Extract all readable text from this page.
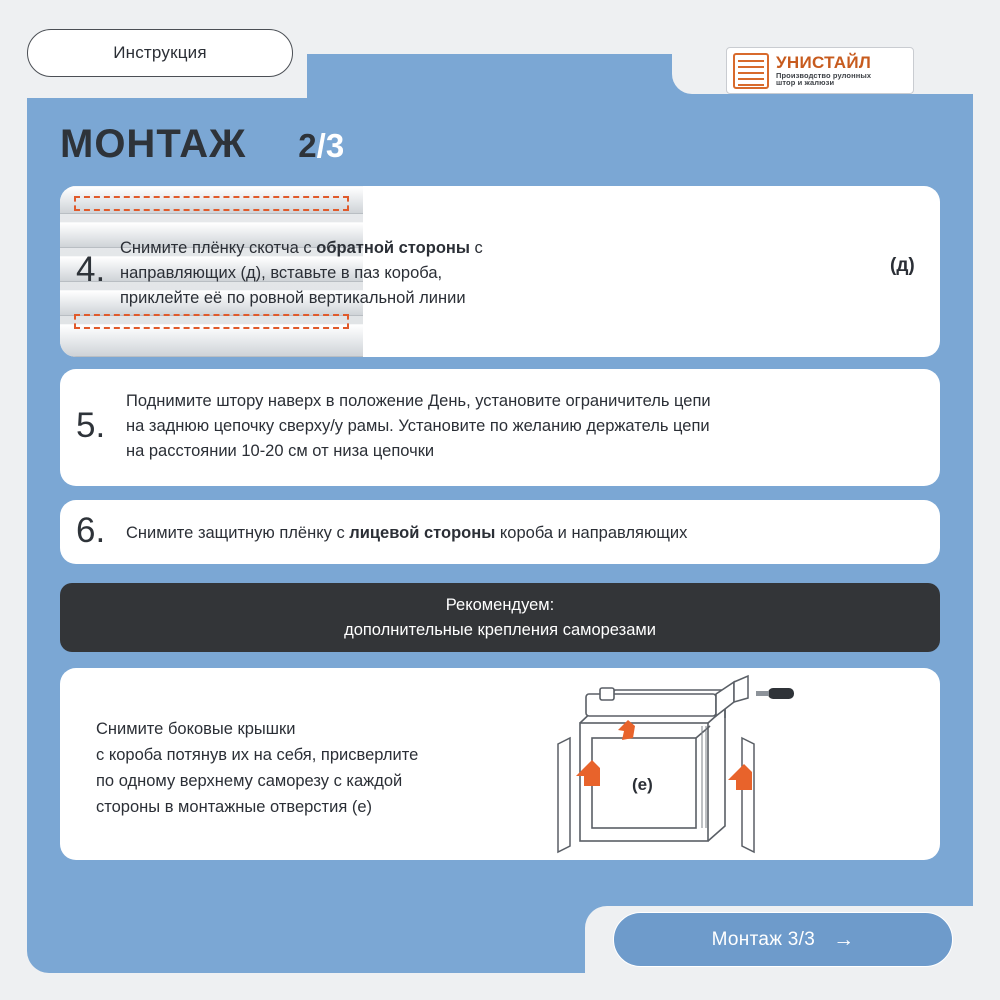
Инструкция
УНИСТАЙЛ
Производство рулонных
штор и жалюзи
МОНТАЖ 2/3
4.
Снимите плёнку скотча с обратной стороны с
направляющих (д), вставьте в паз короба,
приклейте её по ровной вертикальной линии
(д)
5.
Поднимите штору наверх в положение День, установите ограничитель цепи
на заднюю цепочку сверху/у рамы. Установите по желанию держатель цепи
на расстоянии 10-20 см от низа цепочки
6. Снимите защитную плёнку с лицевой стороны короба и направляющих
Рекомендуем:
дополнительные крепления саморезами
Снимите боковые крышки
с короба потянув их на себя, присверлите
по одному верхнему саморезу с каждой
стороны в монтажные отверстия (е)
(е)
Монтаж 3/3 →
